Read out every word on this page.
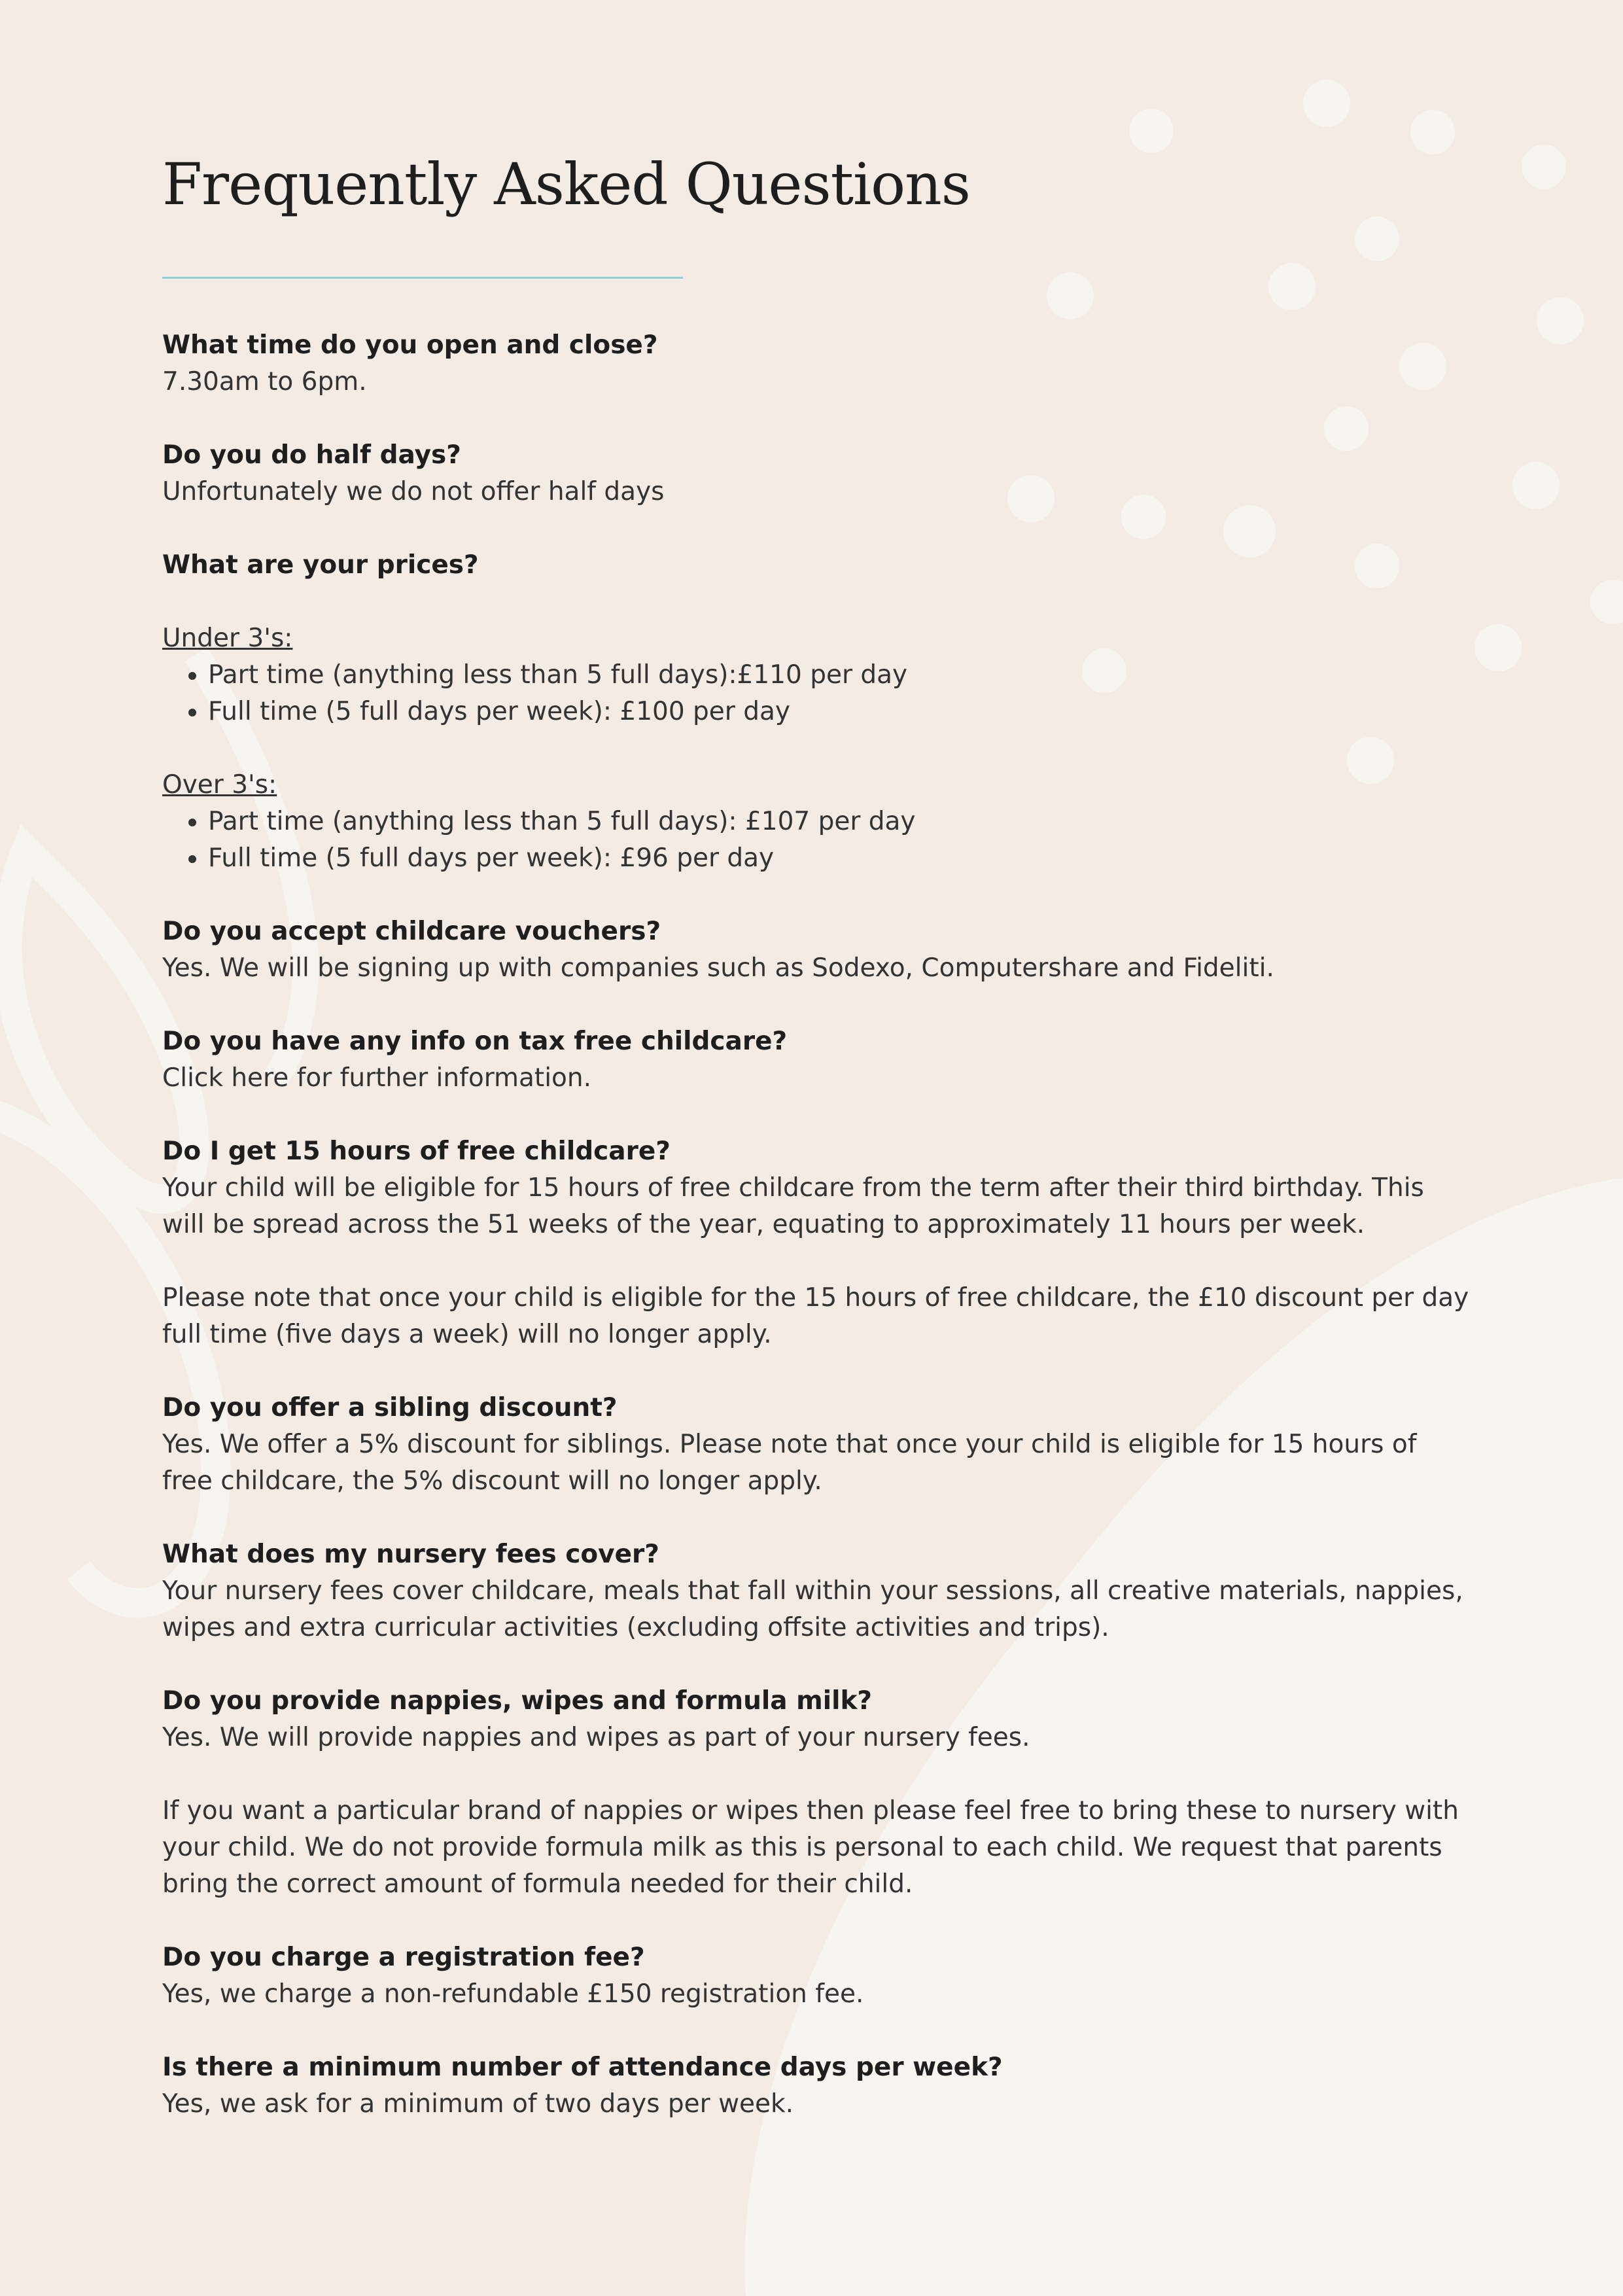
Frequently Asked Questions
What time do you open and close?
7.30am to 6pm.
Do you do half days?
Unfortunately we do not offer half days
What are your prices?
Under 3's:
• Part time (anything less than 5 full days):£110 per day
• Full time (5 full days per week): £100 per day
Over 3's:
• Part time (anything less than 5 full days): £107 per day
• Full time (5 full days per week): £96 per day
Do you accept childcare vouchers?
Yes. We will be signing up with companies such as Sodexo, Computershare and Fideliti.
Do you have any info on tax free childcare?
Click here for further information.
Do I get 15 hours of free childcare?
Your child will be eligible for 15 hours of free childcare from the term after their third birthday. This will be spread across the 51 weeks of the year, equating to approximately 11 hours per week.
Please note that once your child is eligible for the 15 hours of free childcare, the £10 discount per day full time (five days a week) will no longer apply.
Do you offer a sibling discount?
Yes. We offer a 5% discount for siblings. Please note that once your child is eligible for 15 hours of free childcare, the 5% discount will no longer apply.
What does my nursery fees cover?
Your nursery fees cover childcare, meals that fall within your sessions, all creative materials, nappies, wipes and extra curricular activities (excluding offsite activities and trips).
Do you provide nappies, wipes and formula milk?
Yes. We will provide nappies and wipes as part of your nursery fees.
If you want a particular brand of nappies or wipes then please feel free to bring these to nursery with your child. We do not provide formula milk as this is personal to each child. We request that parents bring the correct amount of formula needed for their child.
Do you charge a registration fee?
Yes, we charge a non-refundable £150 registration fee.
Is there a minimum number of attendance days per week?
Yes, we ask for a minimum of two days per week.
